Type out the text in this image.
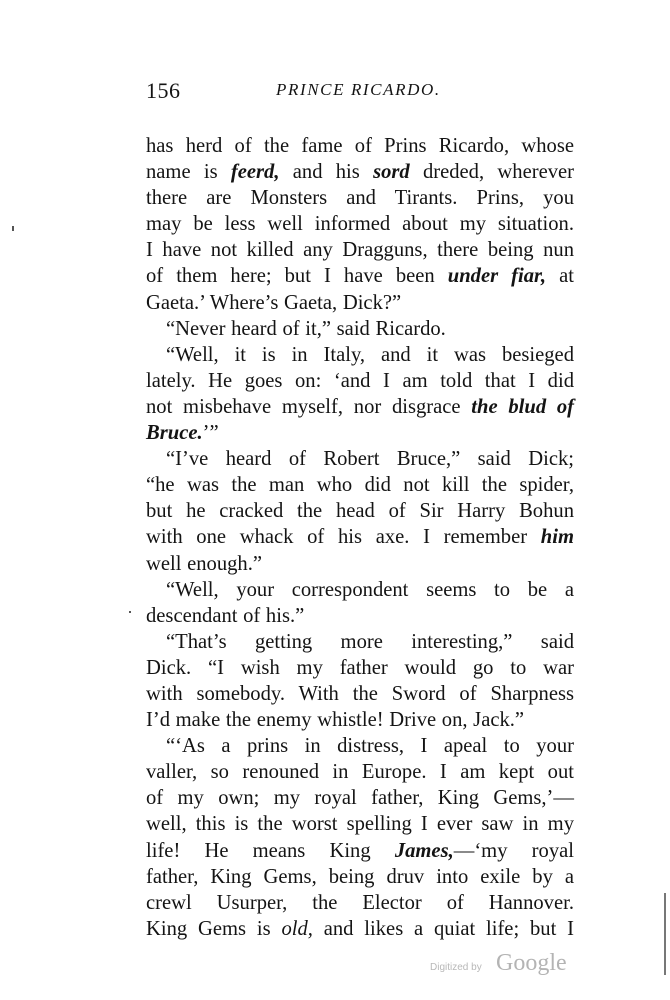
156	PRINCE RICARDO.
has herd of the fame of Prins Ricardo, whose
name is feerd, and his sord dreded, wherever
there are Monsters and Tirants. Prins, you
may be less well informed about my situation.
I have not killed any Dragguns, there being nun
of them here; but I have been under fiar, at
Gaeta.’ Where’s Gaeta, Dick?”
“Never heard of it,” said Ricardo.
“Well, it is in Italy, and it was besieged
lately. He goes on: ‘and I am told that I did
not misbehave myself, nor disgrace the blud of
Bruce.’”
“I’ve heard of Robert Bruce,” said Dick;
“he was the man who did not kill the spider,
but he cracked the head of Sir Harry Bohun
with one whack of his axe. I remember him
well enough.”
“Well, your correspondent seems to be a
descendant of his.”
“That’s getting more interesting,” said
Dick. “I wish my father would go to war
with somebody. With the Sword of Sharpness
I’d make the enemy whistle! Drive on, Jack.”
“‘As a prins in distress, I apeal to your
valler, so renouned in Europe. I am kept out
of my own; my royal father, King Gems,’—
well, this is the worst spelling I ever saw in my
life! He means King James,—‘my royal
father, King Gems, being druv into exile by a
crewl Usurper, the Elector of Hannover.
King Gems is old, and likes a quiat life; but I
Digitized by Google
